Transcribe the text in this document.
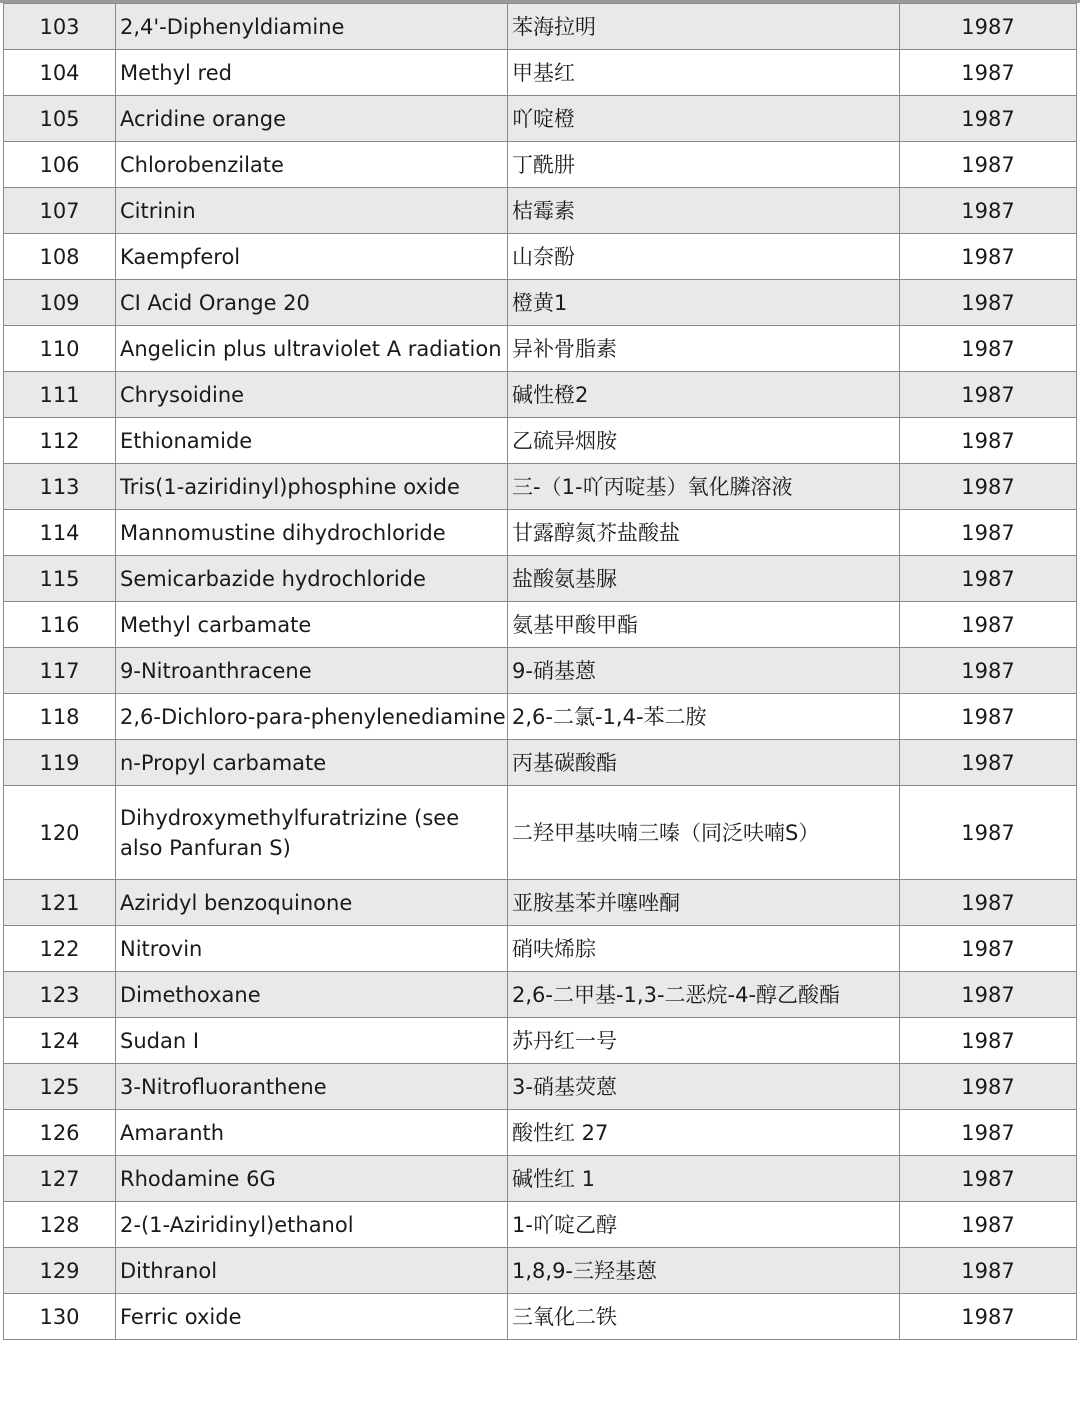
103	2,4'-Diphenyldiamine	苯海拉明	1987
104	Methyl red	甲基红	1987
105	Acridine orange	吖啶橙	1987
106	Chlorobenzilate	丁酰肼	1987
107	Citrinin	桔霉素	1987
108	Kaempferol	山奈酚	1987
109	CI Acid Orange 20	橙黄1	1987
110	Angelicin plus ultraviolet A radiation	异补骨脂素	1987
111	Chrysoidine	碱性橙2	1987
112	Ethionamide	乙硫异烟胺	1987
113	Tris(1-aziridinyl)phosphine oxide	三-（1-吖丙啶基）氧化膦溶液	1987
114	Mannomustine dihydrochloride	甘露醇氮芥盐酸盐	1987
115	Semicarbazide hydrochloride	盐酸氨基脲	1987
116	Methyl carbamate	氨基甲酸甲酯	1987
117	9-Nitroanthracene	9-硝基蒽	1987
118	2,6-Dichloro-para-phenylenediamine	2,6-二氯-1,4-苯二胺	1987
119	n-Propyl carbamate	丙基碳酸酯	1987
120	Dihydroxymethylfuratrizine (see also Panfuran S)	二羟甲基呋喃三嗪（同泛呋喃S）	1987
121	Aziridyl benzoquinone	亚胺基苯并噻唑酮	1987
122	Nitrovin	硝呋烯腙	1987
123	Dimethoxane	2,6-二甲基-1,3-二恶烷-4-醇乙酸酯	1987
124	Sudan I	苏丹红一号	1987
125	3-Nitrofluoranthene	3-硝基荧蒽	1987
126	Amaranth	酸性红 27	1987
127	Rhodamine 6G	碱性红 1	1987
128	2-(1-Aziridinyl)ethanol	1-吖啶乙醇	1987
129	Dithranol	1,8,9-三羟基蒽	1987
130	Ferric oxide	三氧化二铁	1987
